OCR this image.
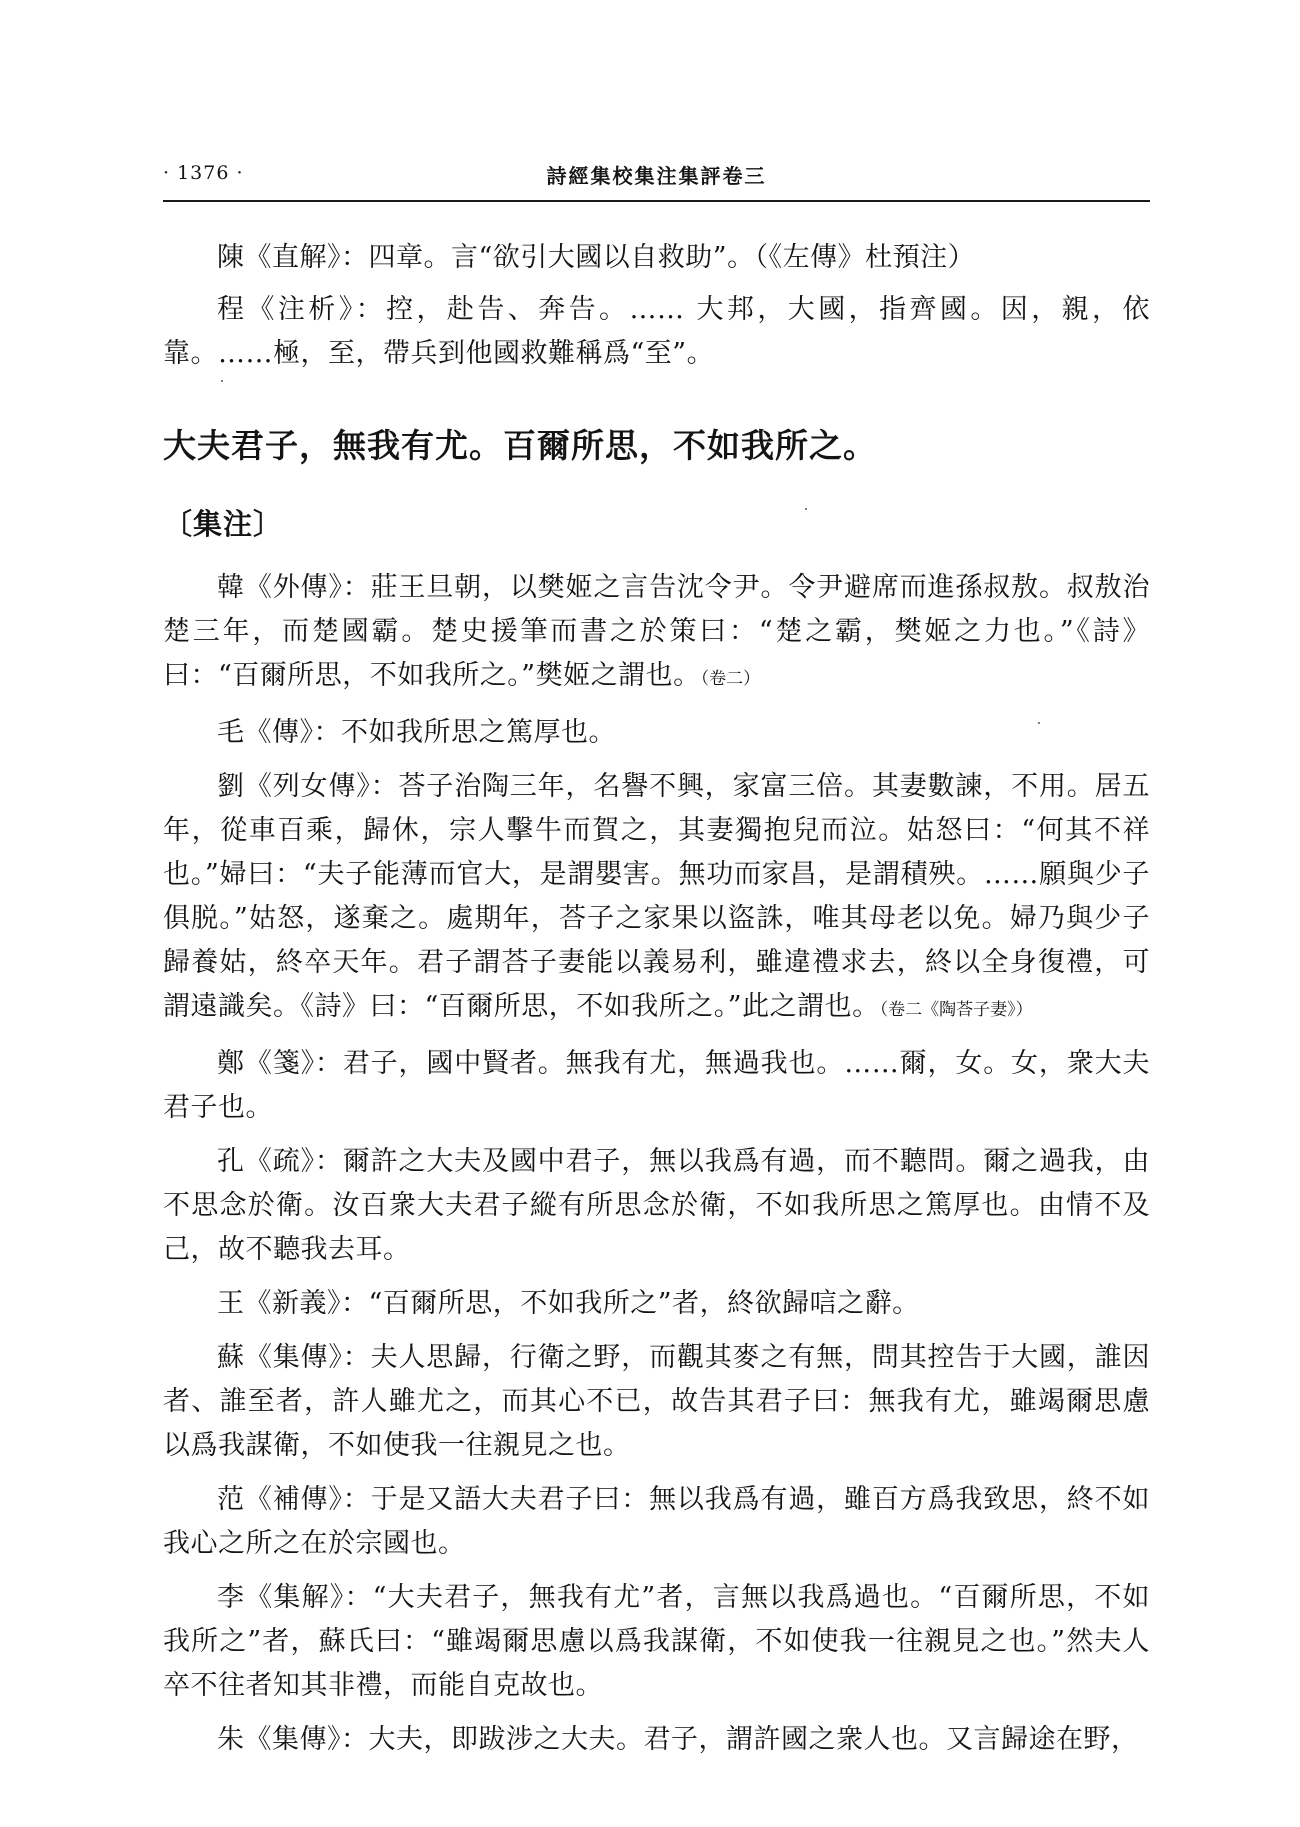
· 1376 ·	詩經集校集注集評卷三

陳《直解》：四章。言“欲引大國以自救助”。（《左傳》杜預注）

程《注析》：控，赴告、奔告。…… 大邦，大國，指齊國。因，親，依靠。……極，至，帶兵到他國救難稱爲“至”。

大夫君子，無我有尤。百爾所思，不如我所之。
〔集注〕

韓《外傳》：莊王旦朝，以樊姬之言告沈令尹。令尹避席而進孫叔敖。叔敖治楚三年，而楚國霸。楚史援筆而書之於策曰：“楚之霸，樊姬之力也。”《詩》曰：“百爾所思，不如我所之。”樊姬之謂也。（卷二）

毛《傳》：不如我所思之篤厚也。

劉《列女傳》：荅子治陶三年，名譽不興，家富三倍。其妻數諫，不用。居五年，從車百乘，歸休，宗人擊牛而賀之，其妻獨抱兒而泣。姑怒曰：“何其不祥也。”婦曰：“夫子能薄而官大，是謂嬰害。無功而家昌，是謂積殃。……願與少子俱脱。”姑怒，遂棄之。處期年，荅子之家果以盜誅，唯其母老以免。婦乃與少子歸養姑，終卒天年。君子謂荅子妻能以義易利，雖違禮求去，終以全身復禮，可謂遠識矣。《詩》曰：“百爾所思，不如我所之。”此之謂也。（卷二《陶荅子妻》）

鄭《箋》：君子，國中賢者。無我有尤，無過我也。……爾，女。女，衆大夫君子也。

孔《疏》：爾許之大夫及國中君子，無以我爲有過，而不聽問。爾之過我，由不思念於衛。汝百衆大夫君子縱有所思念於衛，不如我所思之篤厚也。由情不及己，故不聽我去耳。

王《新義》：“百爾所思，不如我所之”者，終欲歸唁之辭。

蘇《集傳》：夫人思歸，行衛之野，而觀其麥之有無，問其控告于大國，誰因者、誰至者，許人雖尤之，而其心不已，故告其君子曰：無我有尤，雖竭爾思慮以爲我謀衛，不如使我一往親見之也。

范《補傳》：于是又語大夫君子曰：無以我爲有過，雖百方爲我致思，終不如我心之所之在於宗國也。

李《集解》：“大夫君子，無我有尤”者，言無以我爲過也。“百爾所思，不如我所之”者，蘇氏曰：“雖竭爾思慮以爲我謀衛，不如使我一往親見之也。”然夫人卒不往者知其非禮，而能自克故也。

朱《集傳》：大夫，即跋涉之大夫。君子，謂許國之衆人也。又言歸途在野，
